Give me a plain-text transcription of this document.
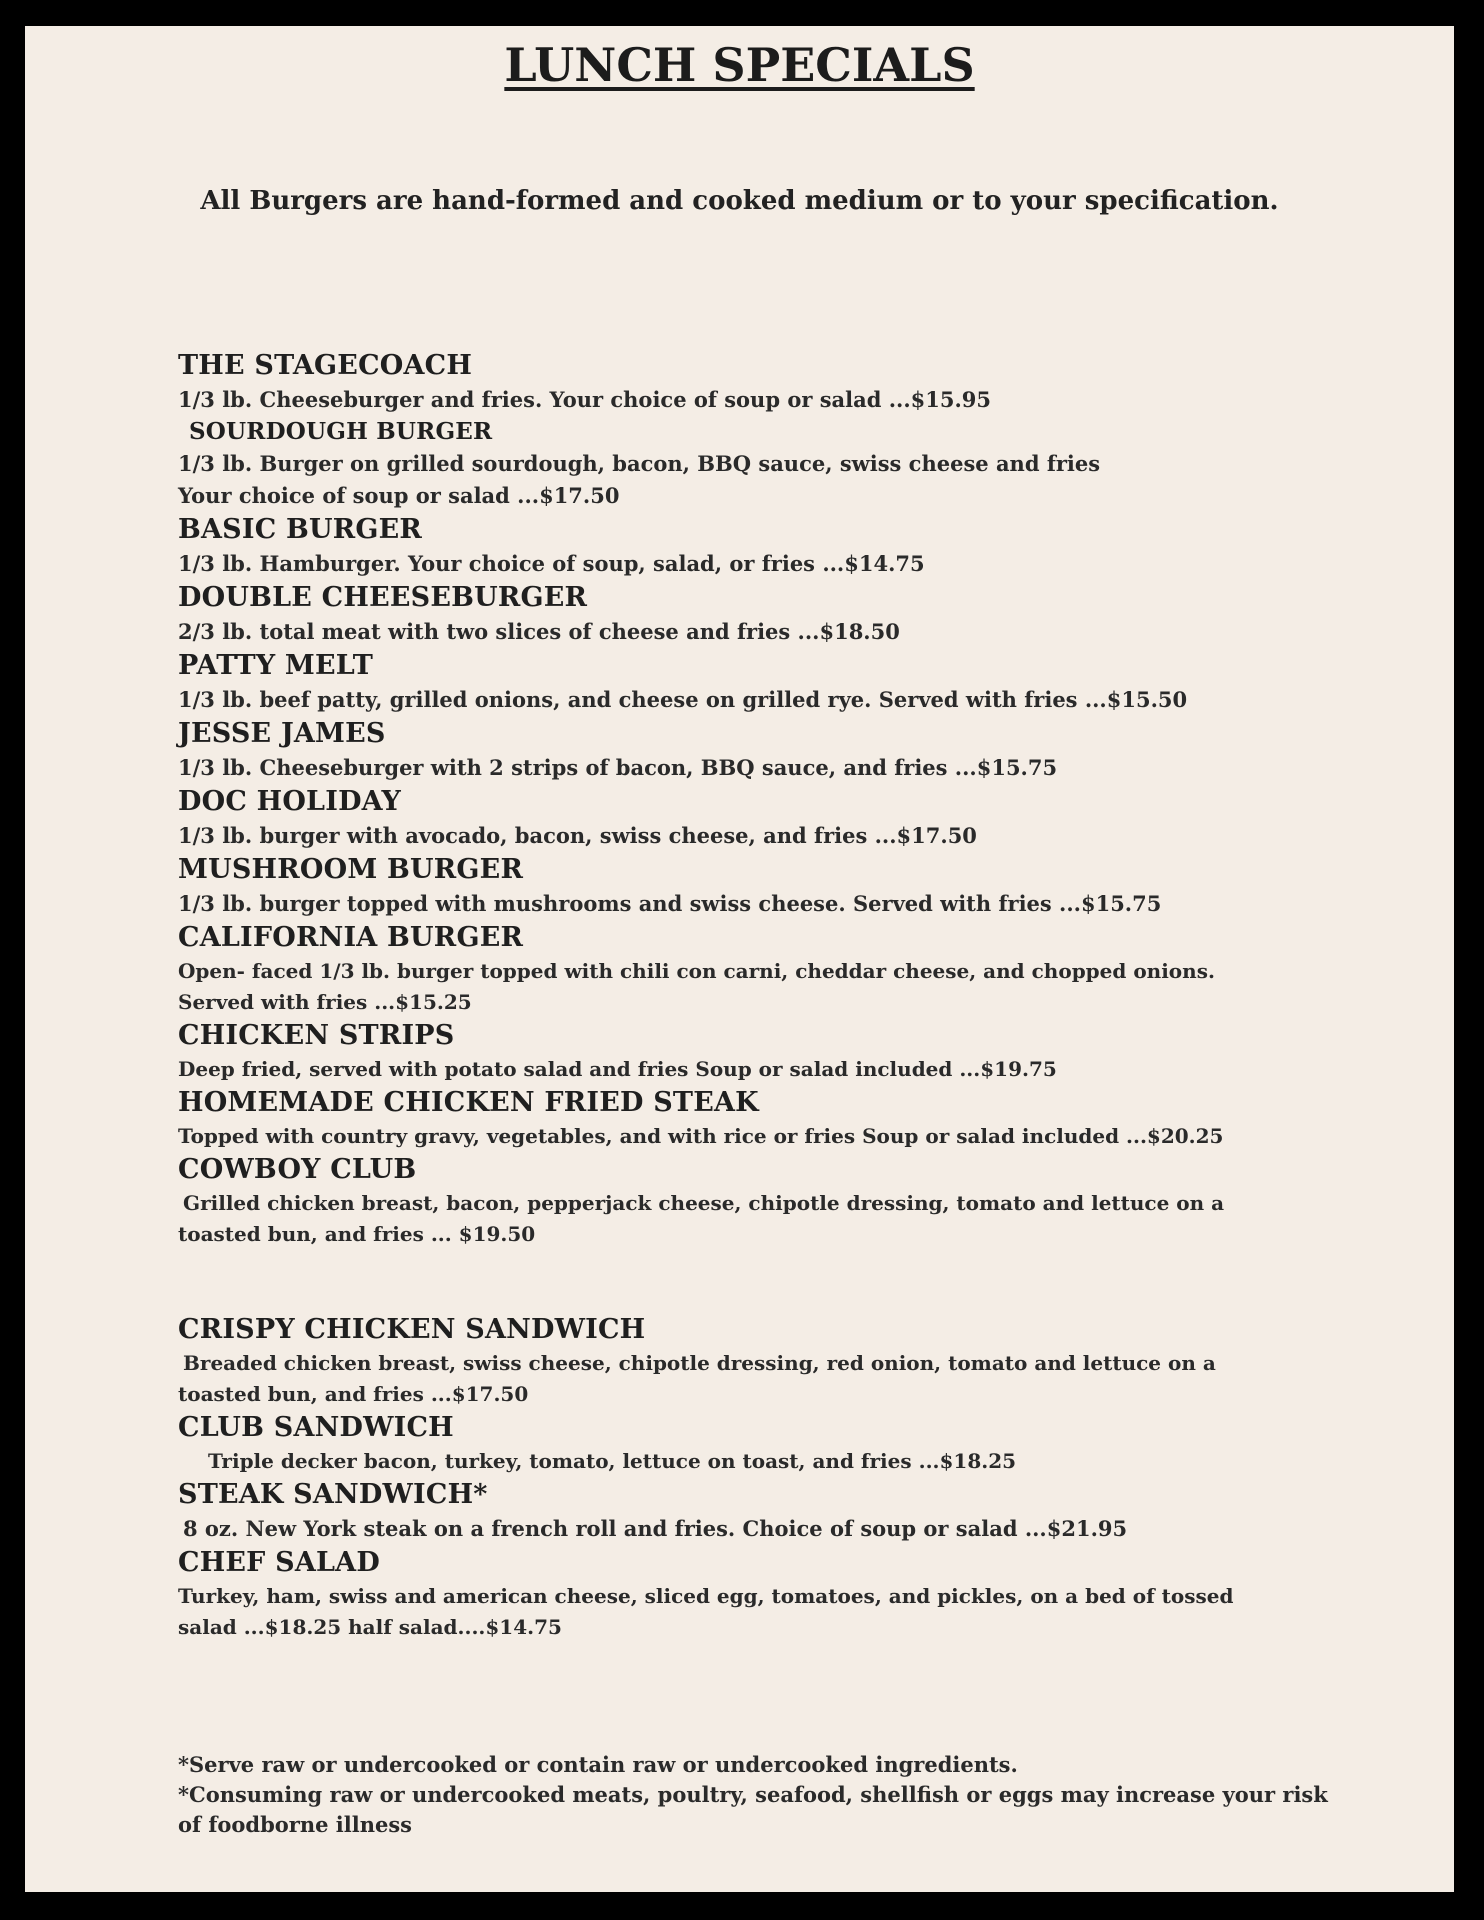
LUNCH SPECIALS
All Burgers are hand-formed and cooked medium or to your specification.
THE STAGECOACH
1/3 lb. Cheeseburger and fries. Your choice of soup or salad ...$15.95
SOURDOUGH BURGER
1/3 lb. Burger on grilled sourdough, bacon, BBQ sauce, swiss cheese and fries
Your choice of soup or salad ...$17.50
BASIC BURGER
1/3 lb. Hamburger. Your choice of soup, salad, or fries ...$14.75
DOUBLE CHEESEBURGER
2/3 lb. total meat with two slices of cheese and fries ...$18.50
PATTY MELT
1/3 lb. beef patty, grilled onions, and cheese on grilled rye. Served with fries ...$15.50
JESSE JAMES
1/3 lb. Cheeseburger with 2 strips of bacon, BBQ sauce, and fries ...$15.75
DOC HOLIDAY
1/3 lb. burger with avocado, bacon, swiss cheese, and fries ...$17.50
MUSHROOM BURGER
1/3 lb. burger topped with mushrooms and swiss cheese. Served with fries ...$15.75
CALIFORNIA BURGER
Open- faced 1/3 lb. burger topped with chili con carni, cheddar cheese, and chopped onions.
Served with fries ...$15.25
CHICKEN STRIPS
Deep fried, served with potato salad and fries Soup or salad included ...$19.75
HOMEMADE CHICKEN FRIED STEAK
Topped with country gravy, vegetables, and with rice or fries Soup or salad included ...$20.25
COWBOY CLUB
Grilled chicken breast, bacon, pepperjack cheese, chipotle dressing, tomato and lettuce on a
toasted bun, and fries ... $19.50
CRISPY CHICKEN SANDWICH
Breaded chicken breast, swiss cheese, chipotle dressing, red onion, tomato and lettuce on a
toasted bun, and fries ...$17.50
CLUB SANDWICH
Triple decker bacon, turkey, tomato, lettuce on toast, and fries ...$18.25
STEAK SANDWICH*
8 oz. New York steak on a french roll and fries. Choice of soup or salad ...$21.95
CHEF SALAD
Turkey, ham, swiss and american cheese, sliced egg, tomatoes, and pickles, on a bed of tossed
salad ...$18.25 half salad....$14.75
*Serve raw or undercooked or contain raw or undercooked ingredients.
*Consuming raw or undercooked meats, poultry, seafood, shellfish or eggs may increase your risk
of foodborne illness
